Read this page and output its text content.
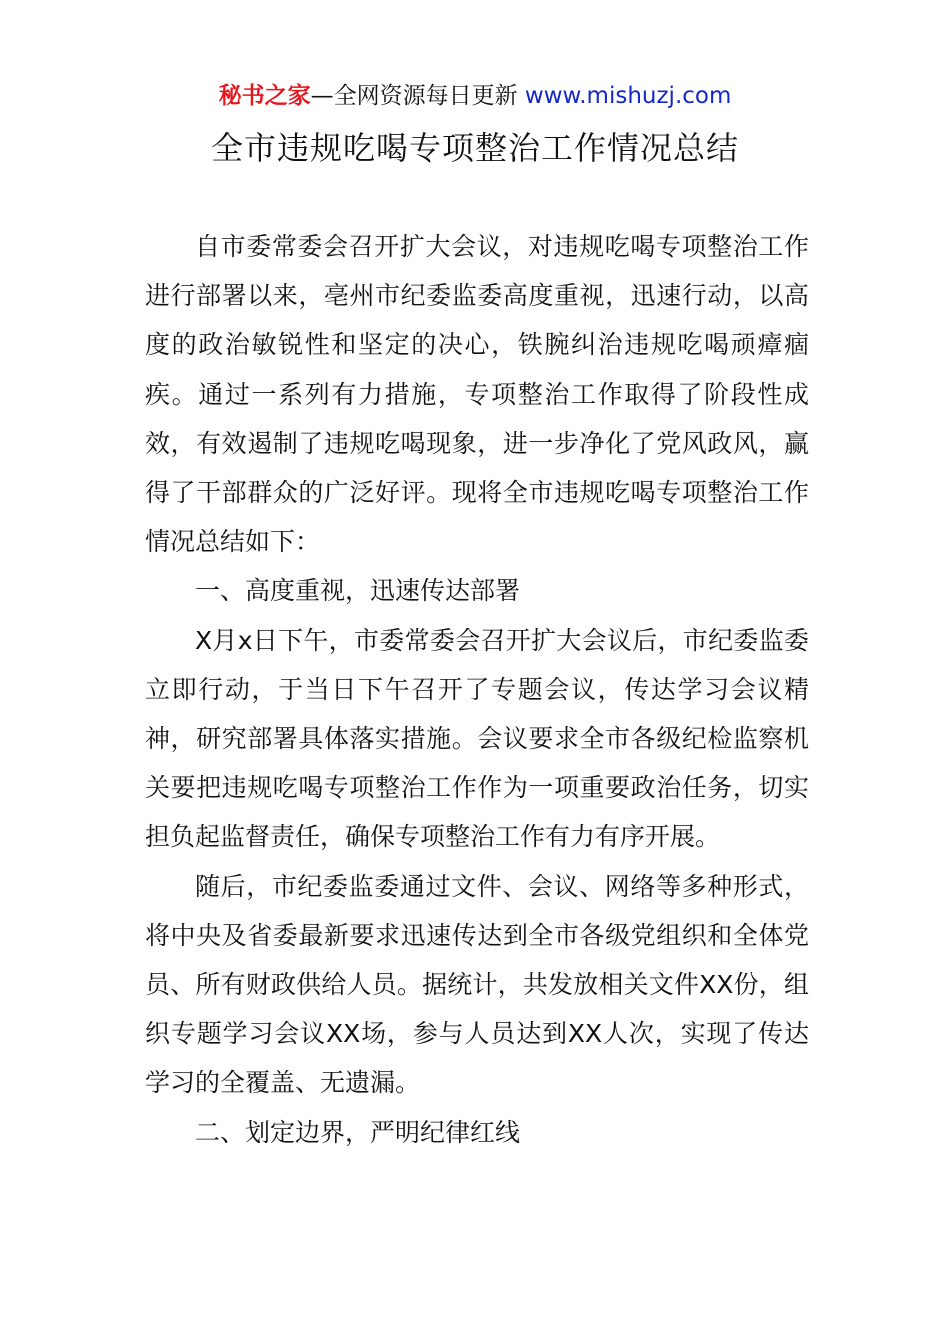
秘书之家—全网资源每日更新 www.mishuzj.com
全市违规吃喝专项整治工作情况总结

自市委常委会召开扩大会议，对违规吃喝专项整治工作进行部署以来，亳州市纪委监委高度重视，迅速行动，以高度的政治敏锐性和坚定的决心，铁腕纠治违规吃喝顽瘴痼疾。通过一系列有力措施，专项整治工作取得了阶段性成效，有效遏制了违规吃喝现象，进一步净化了党风政风，赢得了干部群众的广泛好评。现将全市违规吃喝专项整治工作情况总结如下：

一、高度重视，迅速传达部署

X月x日下午，市委常委会召开扩大会议后，市纪委监委立即行动，于当日下午召开了专题会议，传达学习会议精神，研究部署具体落实措施。会议要求全市各级纪检监察机关要把违规吃喝专项整治工作作为一项重要政治任务，切实担负起监督责任，确保专项整治工作有力有序开展。

随后，市纪委监委通过文件、会议、网络等多种形式，将中央及省委最新要求迅速传达到全市各级党组织和全体党员、所有财政供给人员。据统计，共发放相关文件XX份，组织专题学习会议XX场，参与人员达到XX人次，实现了传达学习的全覆盖、无遗漏。

二、划定边界，严明纪律红线
